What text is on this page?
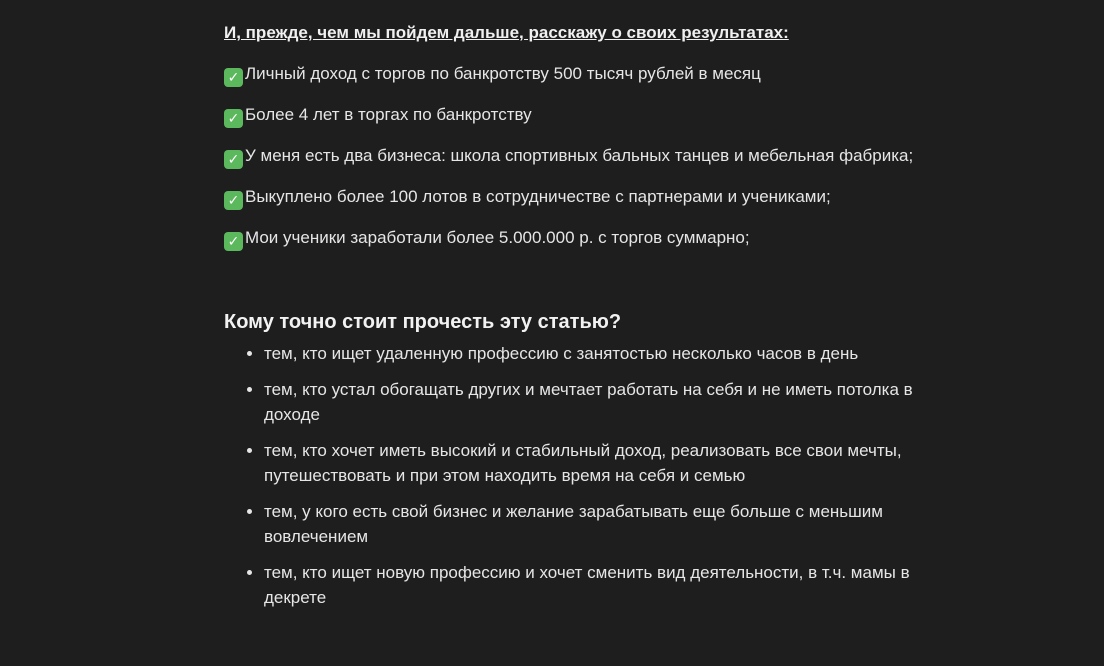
И, прежде, чем мы пойдем дальше, расскажу о своих результатах:

✓ Личный доход с торгов по банкротству 500 тысяч рублей в месяц

✓ Более 4 лет в торгах по банкротству

✓ У меня есть два бизнеса: школа спортивных бальных танцев и мебельная фабрика;

✓ Выкуплено более 100 лотов в сотрудничестве с партнерами и учениками;

✓ Мои ученики заработали более 5.000.000 р. с торгов суммарно;

Кому точно стоит прочесть эту статью?
• тем, кто ищет удаленную профессию с занятостью несколько часов в день
• тем, кто устал обогащать других и мечтает работать на себя и не иметь потолка в доходе
• тем, кто хочет иметь высокий и стабильный доход, реализовать все свои мечты, путешествовать и при этом находить время на себя и семью
• тем, у кого есть свой бизнес и желание зарабатывать еще больше с меньшим вовлечением
• тем, кто ищет новую профессию и хочет сменить вид деятельности, в т.ч. мамы в декрете
